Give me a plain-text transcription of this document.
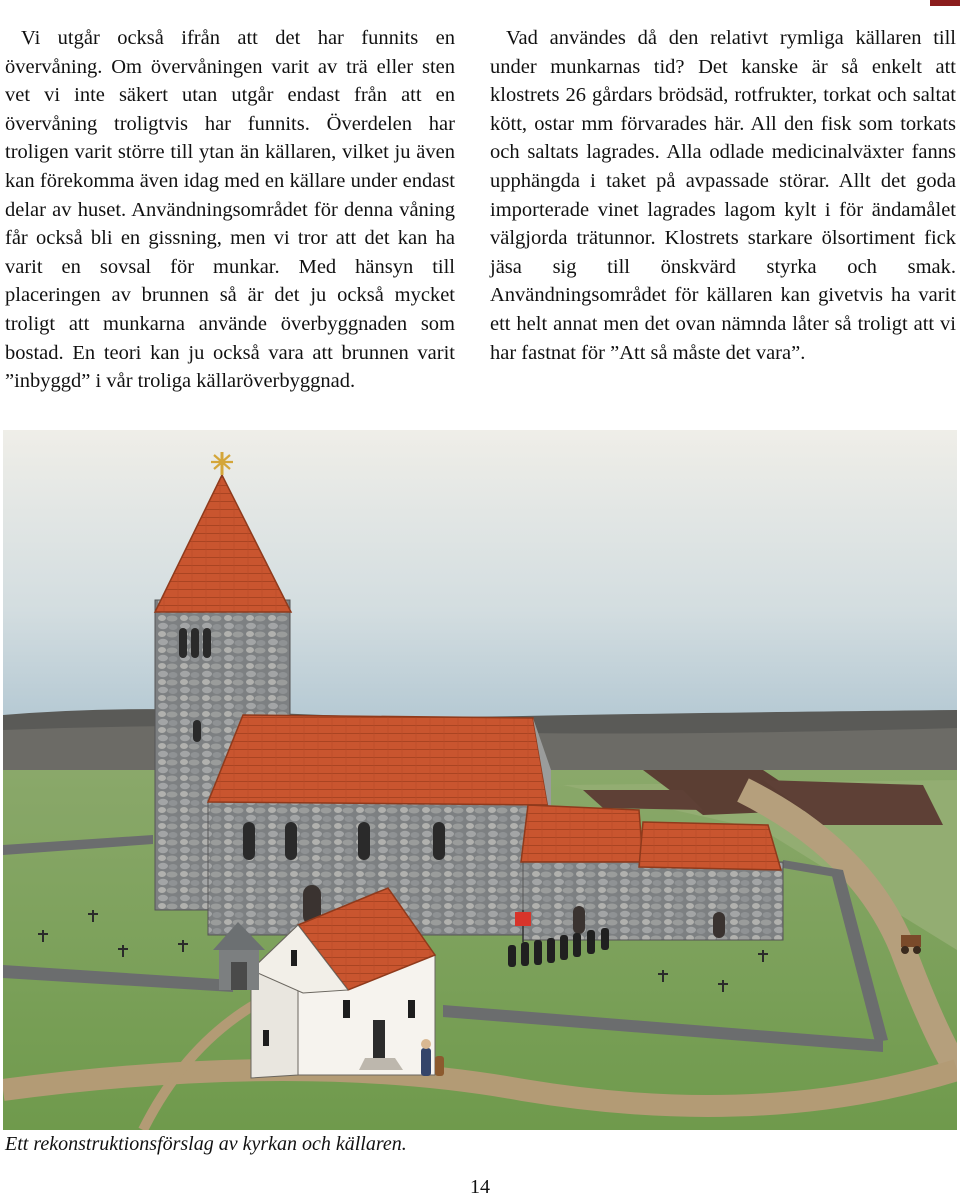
Vi utgår också ifrån att det har funnits en övervåning. Om övervåningen varit av trä eller sten vet vi inte säkert utan utgår endast från att en övervåning troligtvis har funnits. Överdelen har troligen varit större till ytan än källaren, vilket ju även kan förekomma även idag med en källare under endast delar av huset. Användningsområdet för denna våning får också bli en gissning, men vi tror att det kan ha varit en sovsal för munkar. Med hänsyn till placeringen av brunnen så är det ju också mycket troligt att munkarna använde överbyggnaden som bostad. En teori kan ju också vara att brunnen varit ”inbyggd” i vår troliga källaröverbyggnad.

Vad användes då den relativt rymliga källaren till under munkarnas tid? Det kanske är så enkelt att klostrets 26 gårdars brödsäd, rotfrukter, torkat och saltat kött, ostar mm förvarades här. All den fisk som torkats och saltats lagrades. Alla odlade medicinalväxter fanns upphängda i taket på avpassade störar. Allt det goda importerade vinet lagrades lagom kylt i för ändamålet välgjorda trätunnor. Klostrets starkare ölsortiment fick jäsa sig till önskvärd styrka och smak. Användningsområdet för källaren kan givetvis ha varit ett helt annat men det ovan nämnda låter så troligt att vi har fastnat för ”Att så måste det vara”.

Ett rekonstruktionsförslag av kyrkan och källaren.
14
